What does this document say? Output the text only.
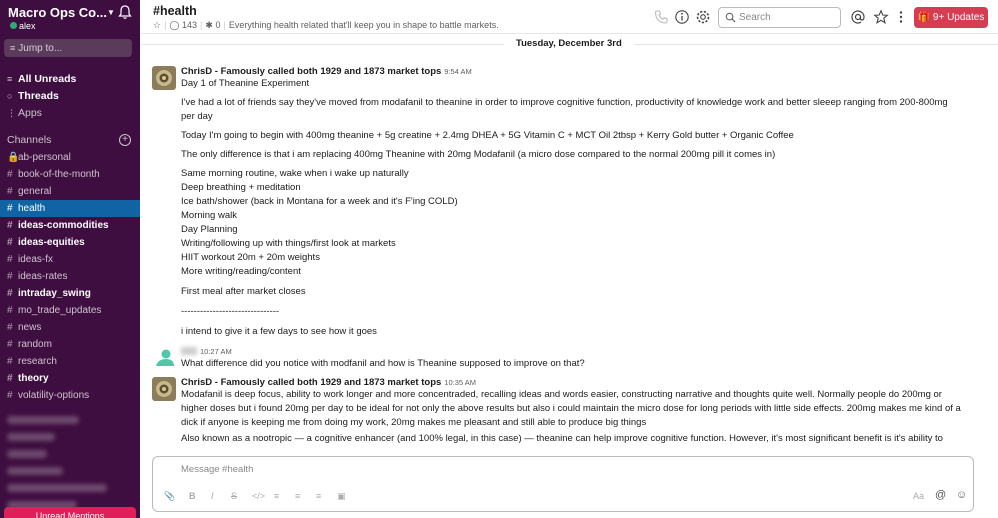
Macro Ops Co... ▼
alex
≡ Jump to...
≡ All Unreads
○ Threads
⋮ Apps
Channels	+
🔒ab-personal
# book-of-the-month
# general
# health
# ideas-commodities
# ideas-equities
# ideas-fx
# ideas-rates
# intraday_swing
# mo_trade_updates
# news
# random
# research
# theory
# volatility-options
Unread Mentions
#health
☆ | ◯ 143 | ✱ 0 | Everything health related that'll keep you in shape to battle markets.
Search	🎁 9+ Updates
Tuesday, December 3rd
ChrisD - Famously called both 1929 and 1873 market tops 9:54 AM
Day 1 of Theanine Experiment
I've had a lot of friends say they've moved from modafanil to theanine in order to improve cognitive function, productivity of knowledge work and better sleeep ranging from 200-800mg
per day
Today I'm going to begin with 400mg theanine + 5g creatine + 2.4mg DHEA + 5G Vitamin C + MCT Oil 2tbsp + Kerry Gold butter + Organic Coffee
The only difference is that i am replacing 400mg Theanine with 20mg Modafanil (a micro dose compared to the normal 200mg pill it comes in)
Same morning routine, wake when i wake up naturally
Deep breathing + meditation
Ice bath/shower (back in Montana for a week and it's F'ing COLD)
Morning walk
Day Planning
Writing/following up with things/first look at markets
HIIT workout 20m + 20m weights
More writing/reading/content
First meal after market closes
-------------------------------
i intend to give it a few days to see how it goes
10:27 AM
What difference did you notice with modfanil and how is Theanine supposed to improve on that?
ChrisD - Famously called both 1929 and 1873 market tops 10:35 AM
Modafanil is deep focus, ability to work longer and more concentraded, recalling ideas and words easier, constructing narrative and thoughts quite well. Normally people do 200mg or
higher doses but i found 20mg per day to be ideal for not only the above results but also i could maintain the micro dose for long periods with little side effects. 200mg makes me kind of a
dick if anyone is keeping me from doing my work, 20mg makes me pleasant and still able to produce big things
Also known as a nootropic — a cognitive enhancer (and 100% legal, in this case) — theanine can help improve cognitive function. However, it's most significant benefit is it's ability to
Message #health
📎 B I S </> ≡ ≡ ≡ ▣	Aa @ ☺
